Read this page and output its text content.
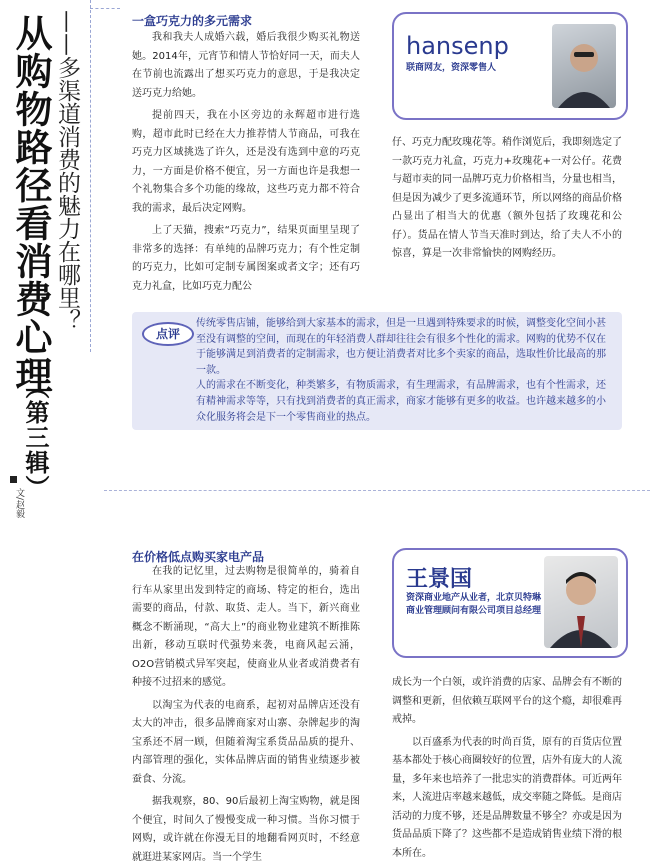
从购物路径看消费心理 ——多渠道消费的魅力在哪里？
（第三辑）
文/赵毅
一盒巧克力的多元需求

我和我夫人成婚六载，婚后我很少购买礼物送她。2014年，元宵节和情人节恰好同一天，而夫人在节前也流露出了想买巧克力的意思，于是我决定送巧克力给她。

提前四天，我在小区旁边的永辉超市进行选购，超市此时已经在大力推荐情人节商品，可我在巧克力区域挑选了许久，还是没有选到中意的巧克力，一方面是价格不便宜，另一方面也许是我想一个礼物集合多个功能的缘故，这些巧克力都不符合我的需求，最后决定网购。

上了天猫，搜索“巧克力”，结果页面里呈现了非常多的选择：有单纯的品牌巧克力；有个性定制的巧克力，比如可定制专属图案或者文字；还有巧克力礼盒，比如巧克力配公

hansenp
联商网友，资深零售人

仔、巧克力配玫瑰花等。稍作浏览后，我即刻选定了一款巧克力礼盒，巧克力+玫瑰花+一对公仔。花费与超市卖的同一品牌巧克力价格相当，分量也相当，但是因为减少了更多流通环节，所以网络的商品价格凸显出了相当大的优惠（额外包括了玫瑰花和公仔）。货品在情人节当天准时到达，给了夫人不小的惊喜，算是一次非常愉快的网购经历。

点评

传统零售店铺，能够给到大家基本的需求，但是一旦遇到特殊要求的时候，调整变化空间小甚至没有调整的空间，而现在的年轻消费人群却往往会有很多个性化的需求。网购的优势不仅在于能够满足到消费者的定制需求，也方便让消费者对比多个卖家的商品，选取性价比最高的那一款。

人的需求在不断变化，种类繁多，有物质需求，有生理需求，有品牌需求，也有个性需求，还有精神需求等等，只有找到消费者的真正需求，商家才能够有更多的收益。也许越来越多的小众化服务将会是下一个零售商业的热点。

在价格低点购买家电产品

在我的记忆里，过去购物是很简单的，骑着自行车从家里出发到特定的商场、特定的柜台，选出需要的商品，付款、取货、走人。当下，新兴商业概念不断涌现，“高大上”的商业物业建筑不断推陈出新，移动互联时代强势来袭，电商风起云涌，O2O营销模式异军突起，使商业从业者或消费者有种接不过招来的感觉。

以淘宝为代表的电商系，起初对品牌店还没有太大的冲击，很多品牌商家对山寨、杂牌起步的淘宝系还不屑一顾，但随着淘宝系货品品质的提升、内部管理的强化，实体品牌店面的销售业绩逐步被蚕食、分流。

据我观察，80、90后最初上淘宝购物，就是图个便宜，时间久了慢慢变成一种习惯。当你习惯于网购，或许就在你漫无目的地翻看网页时，不经意就逛进某家网店。当一个学生

王景国
资深商业地产从业者，北京贝特琳商业管理顾问有限公司项目总经理

成长为一个白领，或许消费的店家、品牌会有不断的调整和更新，但依赖互联网平台的这个瘾，却很难再戒掉。

以百盛系为代表的时尚百货，原有的百货店位置基本都处于核心商圈较好的位置，店外有庞大的人流量，多年来也培养了一批忠实的消费群体。可近两年来，人流进店率越来越低，成交率随之降低。是商店活动的力度不够，还是品牌数量不够全？亦或是因为货品品质下降了？这些都不是造成销售业绩下滑的根本所在。
